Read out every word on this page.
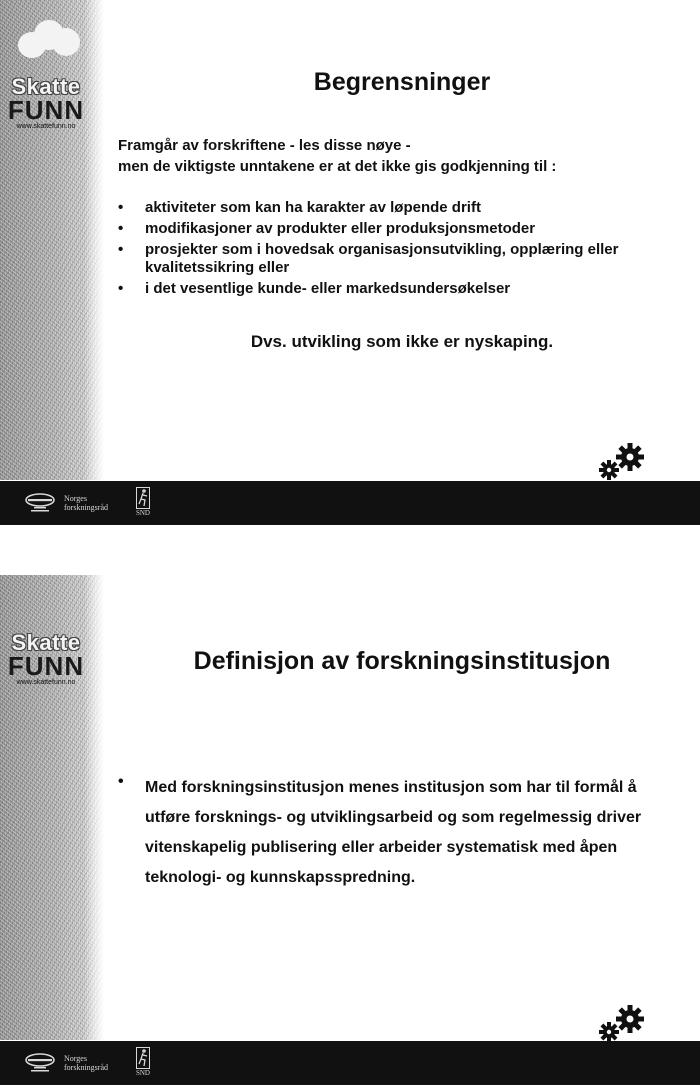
Skatte
FUNN
www.skattefunn.no
Begrensninger
Framgår av forskriftene - les disse nøye -
men de viktigste unntakene er at det ikke gis godkjenning til :
• aktiviteter som kan ha karakter av løpende drift
• modifikasjoner av produkter eller produksjonsmetoder
• prosjekter som i hovedsak organisasjonsutvikling, opplæring eller kvalitetssikring eller
• i det vesentlige kunde- eller markedsundersøkelser
Dvs. utvikling som ikke er nyskaping.
Norges
forskningsråd
SND
Skatte
FUNN
www.skattefunn.no
Definisjon av forskningsinstitusjon
• Med forskningsinstitusjon menes institusjon som har til formål å utføre forsknings- og utviklingsarbeid og som regelmessig driver vitenskapelig publisering eller arbeider systematisk med åpen teknologi- og kunnskapsspredning.

Norges
forskningsråd
SND
